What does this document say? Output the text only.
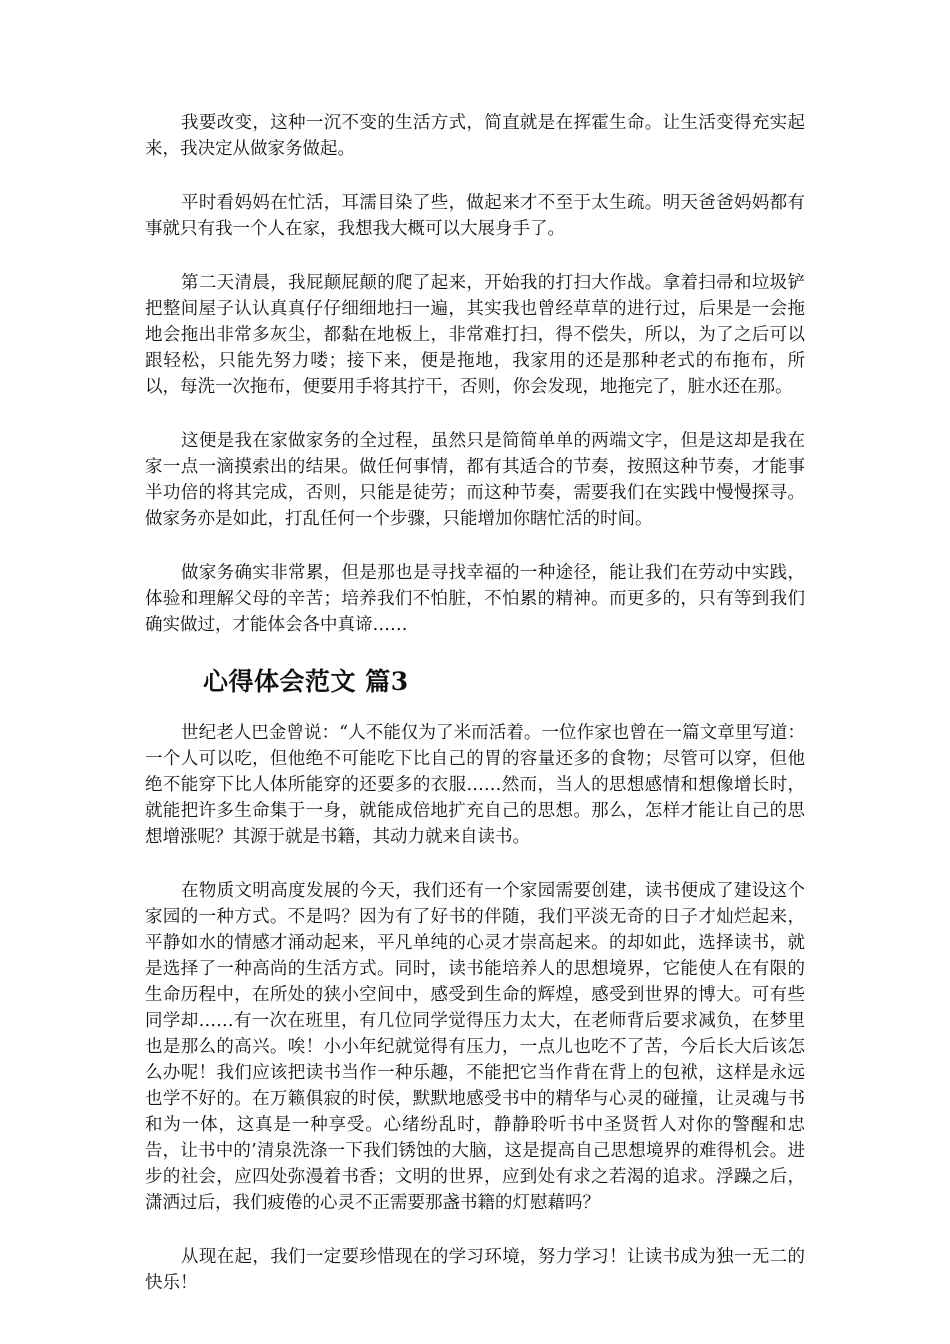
我要改变，这种一沉不变的生活方式，简直就是在挥霍生命。让生活变得充实起来，我决定从做家务做起。

平时看妈妈在忙活，耳濡目染了些，做起来才不至于太生疏。明天爸爸妈妈都有事就只有我一个人在家，我想我大概可以大展身手了。

第二天清晨，我屁颠屁颠的爬了起来，开始我的打扫大作战。拿着扫帚和垃圾铲把整间屋子认认真真仔仔细细地扫一遍，其实我也曾经草草的进行过，后果是一会拖地会拖出非常多灰尘，都黏在地板上，非常难打扫，得不偿失，所以，为了之后可以跟轻松，只能先努力喽；接下来，便是拖地，我家用的还是那种老式的布拖布，所以，每洗一次拖布，便要用手将其拧干，否则，你会发现，地拖完了，脏水还在那。

这便是我在家做家务的全过程，虽然只是简简单单的两端文字，但是这却是我在家一点一滴摸索出的结果。做任何事情，都有其适合的节奏，按照这种节奏，才能事半功倍的将其完成，否则，只能是徒劳；而这种节奏，需要我们在实践中慢慢探寻。做家务亦是如此，打乱任何一个步骤，只能增加你瞎忙活的时间。

做家务确实非常累，但是那也是寻找幸福的一种途径，能让我们在劳动中实践，体验和理解父母的辛苦；培养我们不怕脏，不怕累的精神。而更多的，只有等到我们确实做过，才能体会各中真谛……

心得体会范文 篇3

世纪老人巴金曾说：“人不能仅为了米而活着。一位作家也曾在一篇文章里写道：一个人可以吃，但他绝不可能吃下比自己的胃的容量还多的食物；尽管可以穿，但他绝不能穿下比人体所能穿的还要多的衣服……然而，当人的思想感情和想像增长时，就能把许多生命集于一身，就能成倍地扩充自己的思想。那么，怎样才能让自己的思想增涨呢？其源于就是书籍，其动力就来自读书。

在物质文明高度发展的今天，我们还有一个家园需要创建，读书便成了建设这个家园的一种方式。不是吗？因为有了好书的伴随，我们平淡无奇的日子才灿烂起来，平静如水的情感才涌动起来，平凡单纯的心灵才崇高起来。的却如此，选择读书，就是选择了一种高尚的生活方式。同时，读书能培养人的思想境界，它能使人在有限的生命历程中，在所处的狭小空间中，感受到生命的辉煌，感受到世界的博大。可有些同学却……有一次在班里，有几位同学觉得压力太大，在老师背后要求减负，在梦里也是那么的高兴。唉！小小年纪就觉得有压力，一点儿也吃不了苦，今后长大后该怎么办呢！我们应该把读书当作一种乐趣，不能把它当作背在背上的包袱，这样是永远也学不好的。在万籁俱寂的时侯，默默地感受书中的精华与心灵的碰撞，让灵魂与书和为一体，这真是一种享受。心绪纷乱时，静静聆听书中圣贤哲人对你的警醒和忠告，让书中的’清泉洗涤一下我们锈蚀的大脑，这是提高自己思想境界的难得机会。进步的社会，应四处弥漫着书香；文明的世界，应到处有求之若渴的追求。浮躁之后，潇洒过后，我们疲倦的心灵不正需要那盏书籍的灯慰藉吗？

从现在起，我们一定要珍惜现在的学习环境，努力学习！让读书成为独一无二的快乐！
